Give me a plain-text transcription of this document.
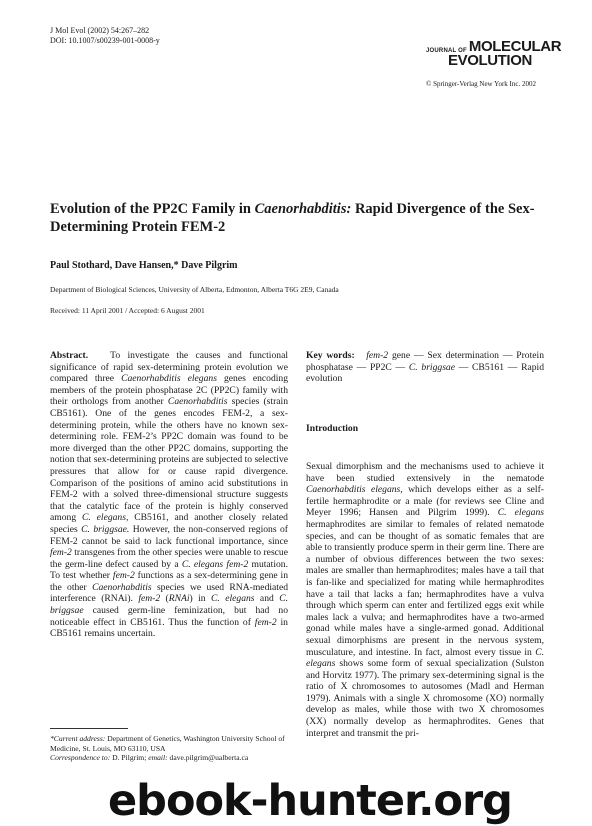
J Mol Evol (2002) 54:267–282
DOI: 10.1007/s00239-001-0008-y
JOURNAL OF MOLECULAR
EVOLUTION
© Springer-Verlag New York Inc. 2002
Evolution of the PP2C Family in Caenorhabditis: Rapid Divergence of the Sex-Determining Protein FEM-2
Paul Stothard, Dave Hansen,* Dave Pilgrim
Department of Biological Sciences, University of Alberta, Edmonton, Alberta T6G 2E9, Canada
Received: 11 April 2001 / Accepted: 6 August 2001
Abstract. To investigate the causes and functional significance of rapid sex-determining protein evolution we compared three Caenorhabditis elegans genes encoding members of the protein phosphatase 2C (PP2C) family with their orthologs from another Caenorhabditis species (strain CB5161). One of the genes encodes FEM-2, a sex-determining protein, while the others have no known sex-determining role. FEM-2’s PP2C domain was found to be more diverged than the other PP2C domains, supporting the notion that sex-determining proteins are subjected to selective pressures that allow for or cause rapid divergence. Comparison of the positions of amino acid substitutions in FEM-2 with a solved three-dimensional structure suggests that the catalytic face of the protein is highly conserved among C. elegans, CB5161, and another closely related species C. briggsae. However, the non-conserved regions of FEM-2 cannot be said to lack functional importance, since fem-2 transgenes from the other species were unable to rescue the germ-line defect caused by a C. elegans fem-2 mutation. To test whether fem-2 functions as a sex-determining gene in the other Caenorhabditis species we used RNA-mediated interference (RNAi). fem-2 (RNAi) in C. elegans and C. briggsae caused germ-line feminization, but had no noticeable effect in CB5161. Thus the function of fem-2 in CB5161 remains uncertain.
Key words: fem-2 gene — Sex determination — Protein phosphatase — PP2C — C. briggsae — CB5161 — Rapid evolution
Introduction
Sexual dimorphism and the mechanisms used to achieve it have been studied extensively in the nematode Caenorhabditis elegans, which develops either as a self-fertile hermaphrodite or a male (for reviews see Cline and Meyer 1996; Hansen and Pilgrim 1999). C. elegans hermaphrodites are similar to females of related nematode species, and can be thought of as somatic females that are able to transiently produce sperm in their germ line. There are a number of obvious differences between the two sexes: males are smaller than hermaphrodites; males have a tail that is fan-like and specialized for mating while hermaphrodites have a tail that lacks a fan; hermaphrodites have a vulva through which sperm can enter and fertilized eggs exit while males lack a vulva; and hermaphrodites have a two-armed gonad while males have a single-armed gonad. Additional sexual dimorphisms are present in the nervous system, musculature, and intestine. In fact, almost every tissue in C. elegans shows some form of sexual specialization (Sulston and Horvitz 1977). The primary sex-determining signal is the ratio of X chromosomes to autosomes (Madl and Herman 1979). Animals with a single X chromosome (XO) normally develop as males, while those with two X chromosomes (XX) normally develop as hermaphrodites. Genes that interpret and transmit the pri-
*Current address: Department of Genetics, Washington University School of Medicine, St. Louis, MO 63110, USA
Correspondence to: D. Pilgrim; email: dave.pilgrim@ualberta.ca
ebook-hunter.org
